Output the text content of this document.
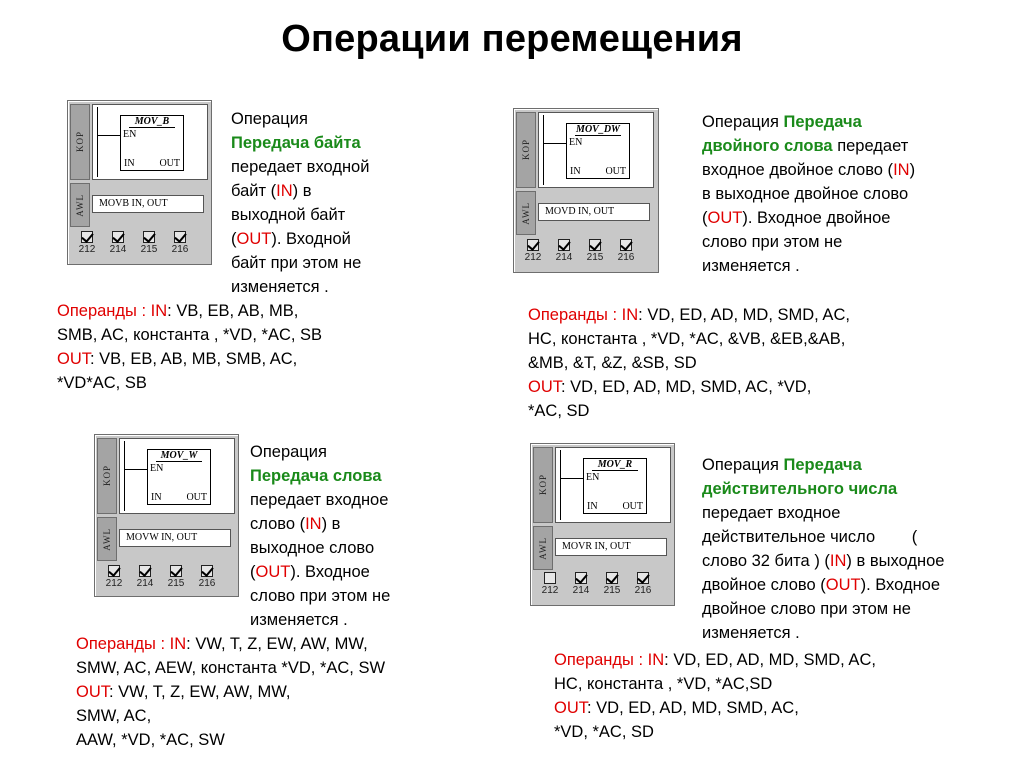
Операции перемещения
KOP
MOV_B
EN
IN OUT
AWL	MOVB IN, OUT
212 214 215 216
Операция
Передача байта
передает входной
байт (IN) в
выходной байт
(OUT). Входной
байт при этом не
изменяется .
Операнды : IN: VB, EB, AB, MB,
SMB, AC, константа , *VD, *AC, SB
OUT: VB, EB, AB, MB, SMB, AC,
*VD*AC, SB
KOP
MOV_DW
EN
IN OUT
AWL	MOVD IN, OUT
212 214 215 216
Операция Передача
двойного слова передает
входное двойное слово (IN)
в выходное двойное слово
(OUT). Входное двойное
слово при этом не
изменяется .
Операнды : IN: VD, ED, AD, MD, SMD, AC,
HC, константа , *VD, *AC, &VB, &EB,&AB,
&MB, &T, &Z, &SB, SD
OUT: VD, ED, AD, MD, SMD, AC, *VD,
*AC, SD
KOP
MOV_W
EN
IN OUT
AWL	MOVW IN, OUT
212 214 215 216
Операция
Передача слова
передает входное
слово (IN) в
выходное слово
(OUT). Входное
слово при этом не
изменяется .
Операнды : IN: VW, T, Z, EW, AW, MW,
SMW, AC, AEW, константа *VD, *AC, SW
OUT: VW, T, Z, EW, AW, MW,
SMW, AC,
AAW, *VD, *AC, SW
KOP
MOV_R
EN
IN OUT
AWL	MOVR IN, OUT
212 214 215 216
Операция Передача
действительного числа
передает входное
действительное число        (
слово 32 бита ) (IN) в выходное
двойное слово (OUT). Входное
двойное слово при этом не
изменяется .
Операнды : IN: VD, ED, AD, MD, SMD, AC,
HC, константа , *VD, *AC,SD
OUT: VD, ED, AD, MD, SMD, AC,
*VD, *AC, SD
